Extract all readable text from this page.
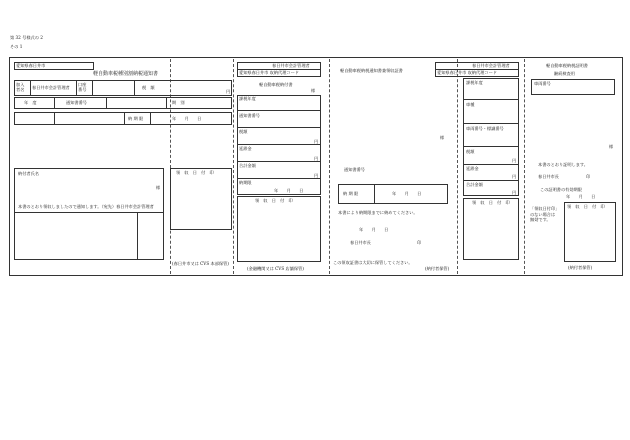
第 32 号様式の 2
その 1
愛知県春日井市
軽自動車税種別割納税通知書
加入
者名 春日井市会計管理者
口座
番号	税　額
円
年　度	通知書番号	期　別
納 期 限	年　　月　　日
納付者氏名
様
本書のとおり領収しましたので通知します。（宛先）春日井市会計管理者
領　収　日　付　印
(春日井市又は CVS 本部保管)
春日井市会計管理者
愛知県春日井市 収納代理コード
軽自動車税納付書
様
課税年度
通知書番号
税額
円
延滞金
円
合計金額
円
納期限
年　　月　　日
領　収　日　付　印
(金融機関又は CVS 店舗保管)
軽自動車税納税通知書兼領収証書
様
通知書番号
納 期 限	年　　月　　日
本書により納期限までに納めてください。
年　　月　　日
春日井市長	印
この領収証書は大切に保管してください。
(納付者保管)
春日井市会計管理者
愛知県春日井市 収納代理コード
課税年度
車種
車両番号・標識番号
税額
円
延滞金
円
合計金額
円
領　収　日　付　印
軽自動車税納税証明書
継続検査用
車両番号
様
本書のとおり証明します。
春日井市長	印
この証明書の有効期限
年　　月　　日
「領収日付印」
のない場合は
無効です。
領　収　日　付　印
(納付者保管)
